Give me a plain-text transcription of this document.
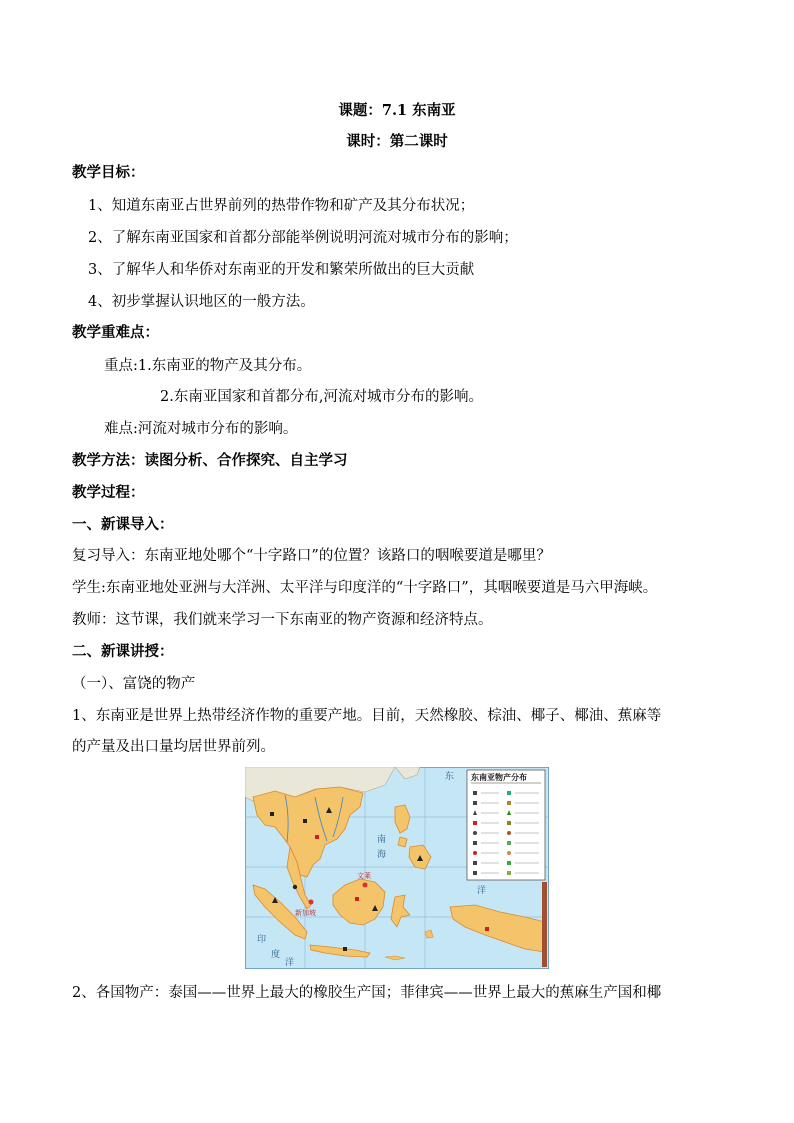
课题：7.1 东南亚
课时：第二课时
教学目标：
1、知道东南亚占世界前列的热带作物和矿产及其分布状况；
2、了解东南亚国家和首都分部能举例说明河流对城市分布的影响；
3、了解华人和华侨对东南亚的开发和繁荣所做出的巨大贡献
4、初步掌握认识地区的一般方法。
教学重难点：
重点:1.东南亚的物产及其分布。
2.东南亚国家和首都分布,河流对城市分布的影响。
难点:河流对城市分布的影响。
教学方法：读图分析、合作探究、自主学习
教学过程：
一、新课导入：
复习导入：东南亚地处哪个“十字路口”的位置？该路口的咽喉要道是哪里？
学生:东南亚地处亚洲与大洋洲、太平洋与印度洋的“十字路口”，其咽喉要道是马六甲海峡。
教师：这节课，我们就来学习一下东南亚的物产资源和经济特点。
二、新课讲授：
（一）、富饶的物产
1、东南亚是世界上热带经济作物的重要产地。目前，天然橡胶、棕油、椰子、椰油、蕉麻等
的产量及出口量均居世界前列。
南
海
东
洋
印
度
洋
新加坡
文莱
东南亚物产分布
2、各国物产：泰国——世界上最大的橡胶生产国；菲律宾——世界上最大的蕉麻生产国和椰
